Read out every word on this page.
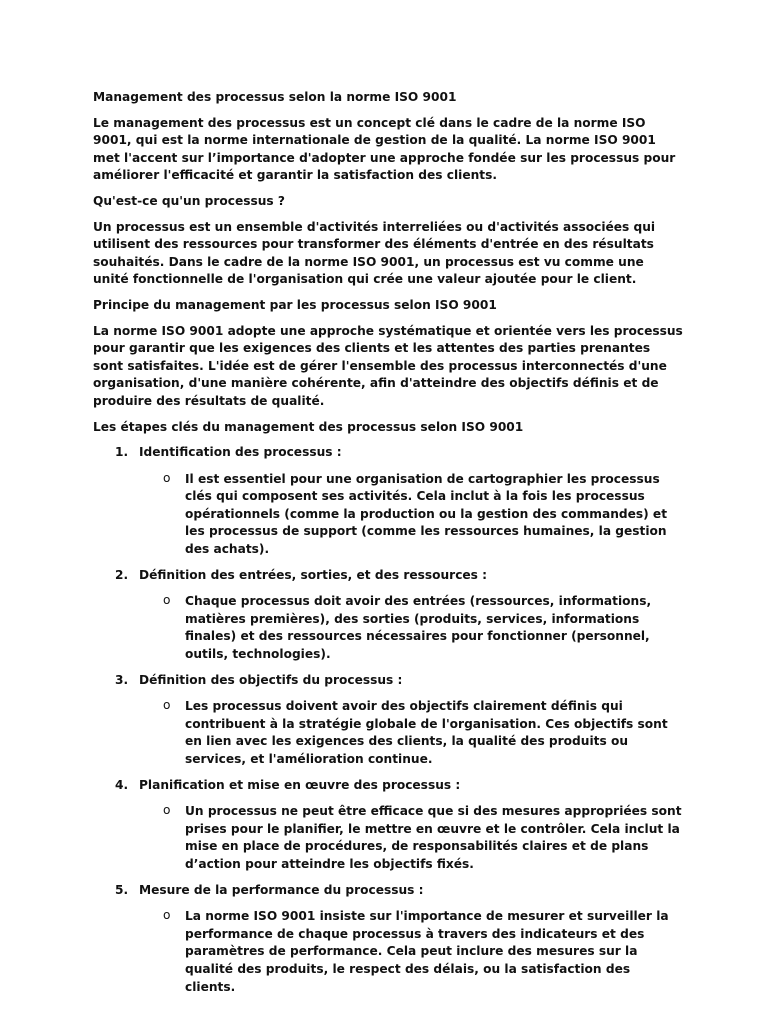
Management des processus selon la norme ISO 9001

Le management des processus est un concept clé dans le cadre de la norme ISO 9001, qui est la norme internationale de gestion de la qualité. La norme ISO 9001 met l'accent sur l’importance d'adopter une approche fondée sur les processus pour améliorer l'efficacité et garantir la satisfaction des clients.

Qu'est-ce qu'un processus ?

Un processus est un ensemble d'activités interreliées ou d'activités associées qui utilisent des ressources pour transformer des éléments d'entrée en des résultats souhaités. Dans le cadre de la norme ISO 9001, un processus est vu comme une unité fonctionnelle de l'organisation qui crée une valeur ajoutée pour le client.

Principe du management par les processus selon ISO 9001

La norme ISO 9001 adopte une approche systématique et orientée vers les processus pour garantir que les exigences des clients et les attentes des parties prenantes sont satisfaites. L'idée est de gérer l'ensemble des processus interconnectés d'une organisation, d'une manière cohérente, afin d'atteindre des objectifs définis et de produire des résultats de qualité.

Les étapes clés du management des processus selon ISO 9001

1. Identification des processus :
o Il est essentiel pour une organisation de cartographier les processus clés qui composent ses activités. Cela inclut à la fois les processus opérationnels (comme la production ou la gestion des commandes) et les processus de support (comme les ressources humaines, la gestion des achats).
2. Définition des entrées, sorties, et des ressources :
o Chaque processus doit avoir des entrées (ressources, informations, matières premières), des sorties (produits, services, informations finales) et des ressources nécessaires pour fonctionner (personnel, outils, technologies).
3. Définition des objectifs du processus :
o Les processus doivent avoir des objectifs clairement définis qui contribuent à la stratégie globale de l'organisation. Ces objectifs sont en lien avec les exigences des clients, la qualité des produits ou services, et l'amélioration continue.
4. Planification et mise en œuvre des processus :
o Un processus ne peut être efficace que si des mesures appropriées sont prises pour le planifier, le mettre en œuvre et le contrôler. Cela inclut la mise en place de procédures, de responsabilités claires et de plans d’action pour atteindre les objectifs fixés.
5. Mesure de la performance du processus :
o La norme ISO 9001 insiste sur l'importance de mesurer et surveiller la performance de chaque processus à travers des indicateurs et des paramètres de performance. Cela peut inclure des mesures sur la qualité des produits, le respect des délais, ou la satisfaction des clients.
